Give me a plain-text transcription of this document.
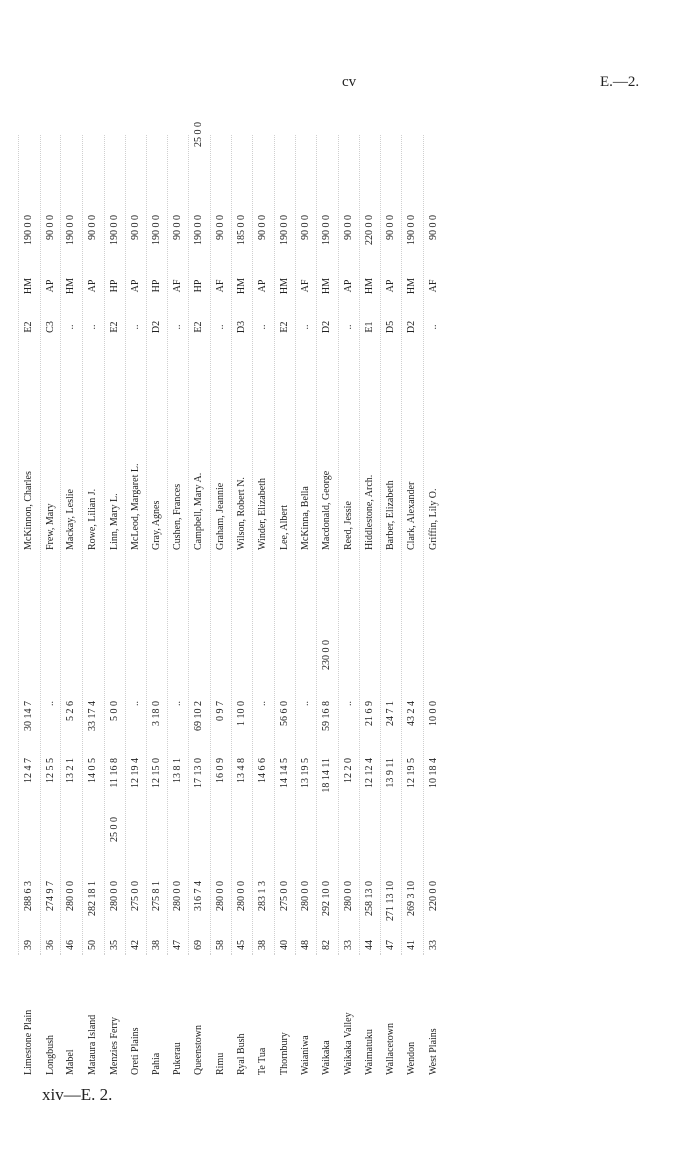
cv	E.—2.
Limestone Plain
39
288 6 3
12 4 7
30 14 7
McKinnon, Charles
E2
HM
190 0 0
Longbush
36
274 9 7
12 5 5
..
Frew, Mary
C3
AP
90 0 0
Mabel
46
280 0 0
13 2 1
5 2 6
Mackay, Leslie
..
HM
190 0 0
Mataura Island
50
282 18 1
14 0 5
33 17 4
Rowe, Lilian J.
..
AP
90 0 0
Menzies Ferry
35
280 0 0
25 0 0
11 16 8
5 0 0
Linn, Mary L.
E2
HP
190 0 0
Oreti Plains
42
275 0 0
12 19 4
..
McLeod, Margaret L.
..
AP
90 0 0
Pahia
38
275 8 1
12 15 0
3 18 0
Gray, Agnes
D2
HP
190 0 0
Pukerau
47
280 0 0
13 8 1
..
Cushen, Frances
..
AF
90 0 0
Queenstown
69
316 7 4
17 13 0
69 10 2
Campbell, Mary A.
E2
HP
190 0 0
25 0 0
Rimu
58
280 0 0
16 0 9
0 9 7
Graham, Jeannie
..
AF
90 0 0
Ryal Bush
45
280 0 0
13 4 8
1 10 0
Wilson, Robert N.
D3
HM
185 0 0
Te Tua
38
283 1 3
14 6 6
..
Winder, Elizabeth
..
AP
90 0 0
Thornbury
40
275 0 0
14 14 5
56 6 0
Lee, Albert
E2
HM
190 0 0
Waianiwa
48
280 0 0
13 19 5
..
McKinna, Bella
..
AF
90 0 0
Waikaka
82
292 10 0
18 14 11
59 16 8
230 0 0
Macdonald, George
D2
HM
190 0 0
Waikaka Valley
33
280 0 0
12 2 0
..
Reed, Jessie
..
AP
90 0 0
Waimatuku
44
258 13 0
12 12 4
21 6 9
Hiddlestone, Arch.
E1
HM
220 0 0
Wallacetown
47
271 13 10
13 9 11
24 7 1
Barber, Elizabeth
D5
AP
90 0 0
Wendon
41
269 3 10
12 19 5
43 2 4
Clark, Alexander
D2
HM
190 0 0
West Plains
33
220 0 0
10 18 4
10 0 0
Griffin, Lily O.
..
AF
90 0 0
xiv—E. 2.
